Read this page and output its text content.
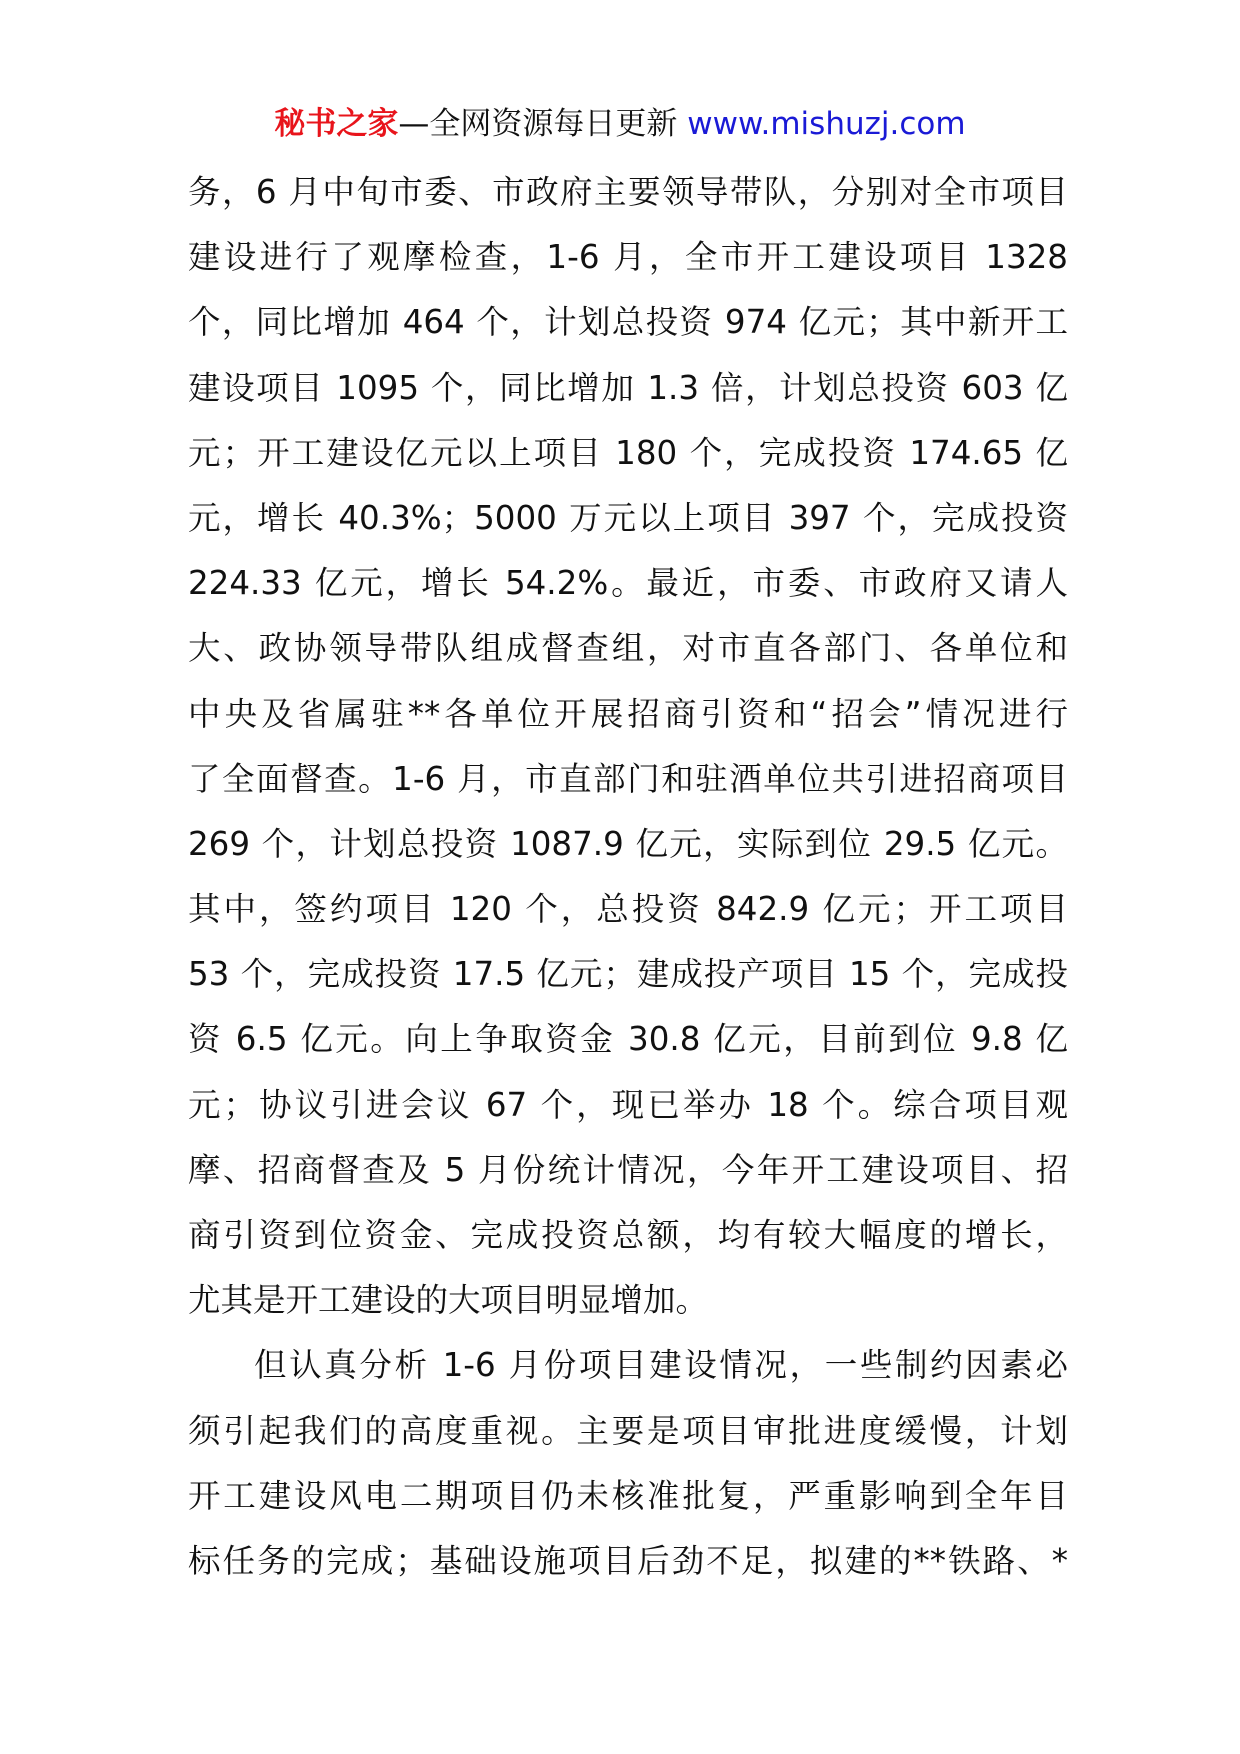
秘书之家—全网资源每日更新 www.mishuzj.com
务，6 月中旬市委、市政府主要领导带队，分别对全市项目
建设进行了观摩检查，1-6 月，全市开工建设项目 1328
个，同比增加 464 个，计划总投资 974 亿元；其中新开工
建设项目 1095 个，同比增加 1.3 倍，计划总投资 603 亿
元；开工建设亿元以上项目 180 个，完成投资 174.65 亿
元，增长 40.3%；5000 万元以上项目 397 个，完成投资
224.33 亿元，增长 54.2%。最近，市委、市政府又请人
大、政协领导带队组成督查组，对市直各部门、各单位和
中央及省属驻**各单位开展招商引资和“招会”情况进行
了全面督查。1-6 月，市直部门和驻酒单位共引进招商项目
269 个，计划总投资 1087.9 亿元，实际到位 29.5 亿元。
其中，签约项目 120 个，总投资 842.9 亿元；开工项目
53 个，完成投资 17.5 亿元；建成投产项目 15 个，完成投
资 6.5 亿元。向上争取资金 30.8 亿元，目前到位 9.8 亿
元；协议引进会议 67 个，现已举办 18 个。综合项目观
摩、招商督查及 5 月份统计情况，今年开工建设项目、招
商引资到位资金、完成投资总额，均有较大幅度的增长，
尤其是开工建设的大项目明显增加。
但认真分析 1-6 月份项目建设情况，一些制约因素必
须引起我们的高度重视。主要是项目审批进度缓慢，计划
开工建设风电二期项目仍未核准批复，严重影响到全年目
标任务的完成；基础设施项目后劲不足，拟建的**铁路、*
